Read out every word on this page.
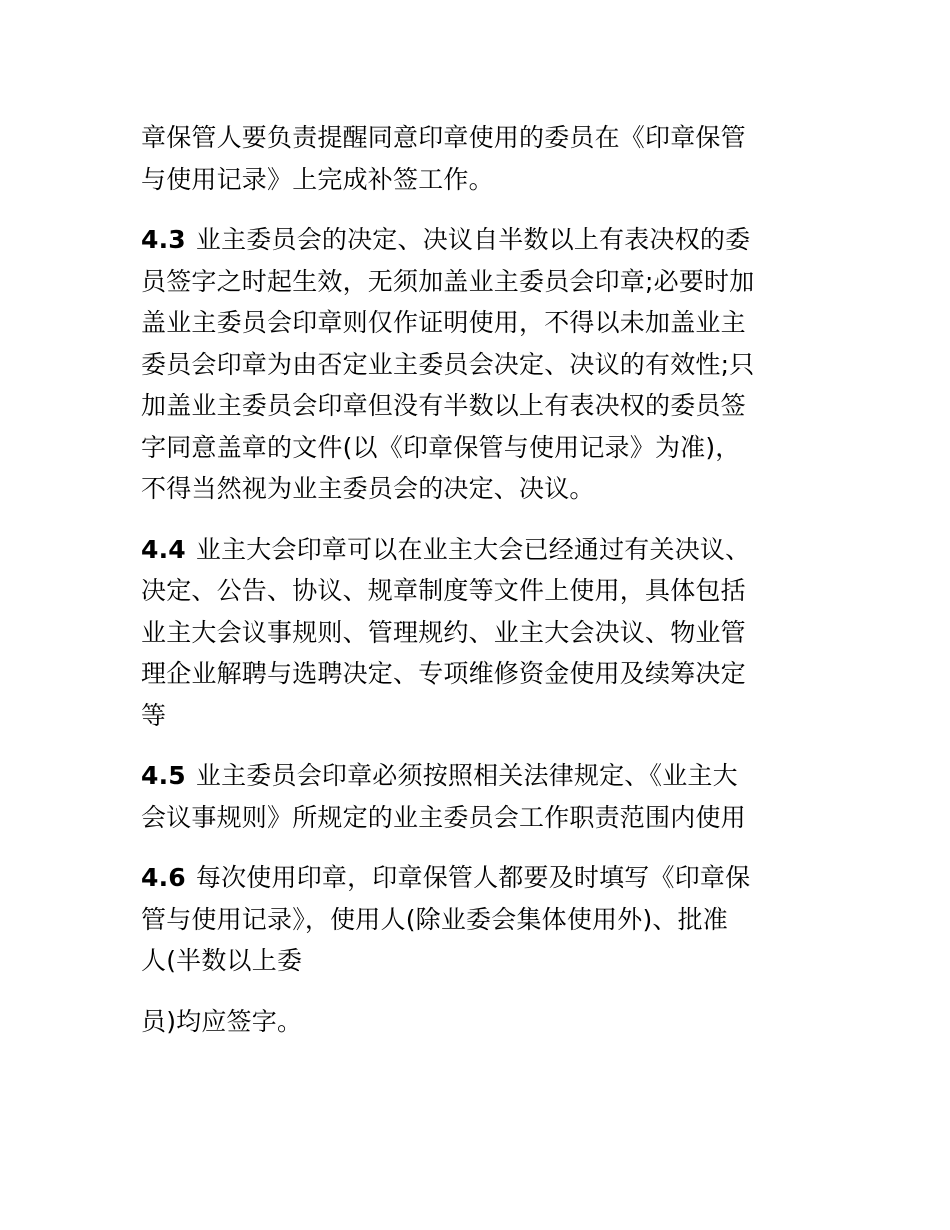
章保管人要负责提醒同意印章使用的委员在《印章保管
与使用记录》上完成补签工作。

4.3 业主委员会的决定、决议自半数以上有表决权的委
员签字之时起生效，无须加盖业主委员会印章;必要时加
盖业主委员会印章则仅作证明使用，不得以未加盖业主
委员会印章为由否定业主委员会决定、决议的有效性;只
加盖业主委员会印章但没有半数以上有表决权的委员签
字同意盖章的文件(以《印章保管与使用记录》为准)，
不得当然视为业主委员会的决定、决议。

4.4 业主大会印章可以在业主大会已经通过有关决议、
决定、公告、协议、规章制度等文件上使用，具体包括
业主大会议事规则、管理规约、业主大会决议、物业管
理企业解聘与选聘决定、专项维修资金使用及续筹决定
等

4.5 业主委员会印章必须按照相关法律规定、《业主大
会议事规则》所规定的业主委员会工作职责范围内使用

4.6 每次使用印章，印章保管人都要及时填写《印章保
管与使用记录》，使用人(除业委会集体使用外)、批准
人(半数以上委

员)均应签字。
